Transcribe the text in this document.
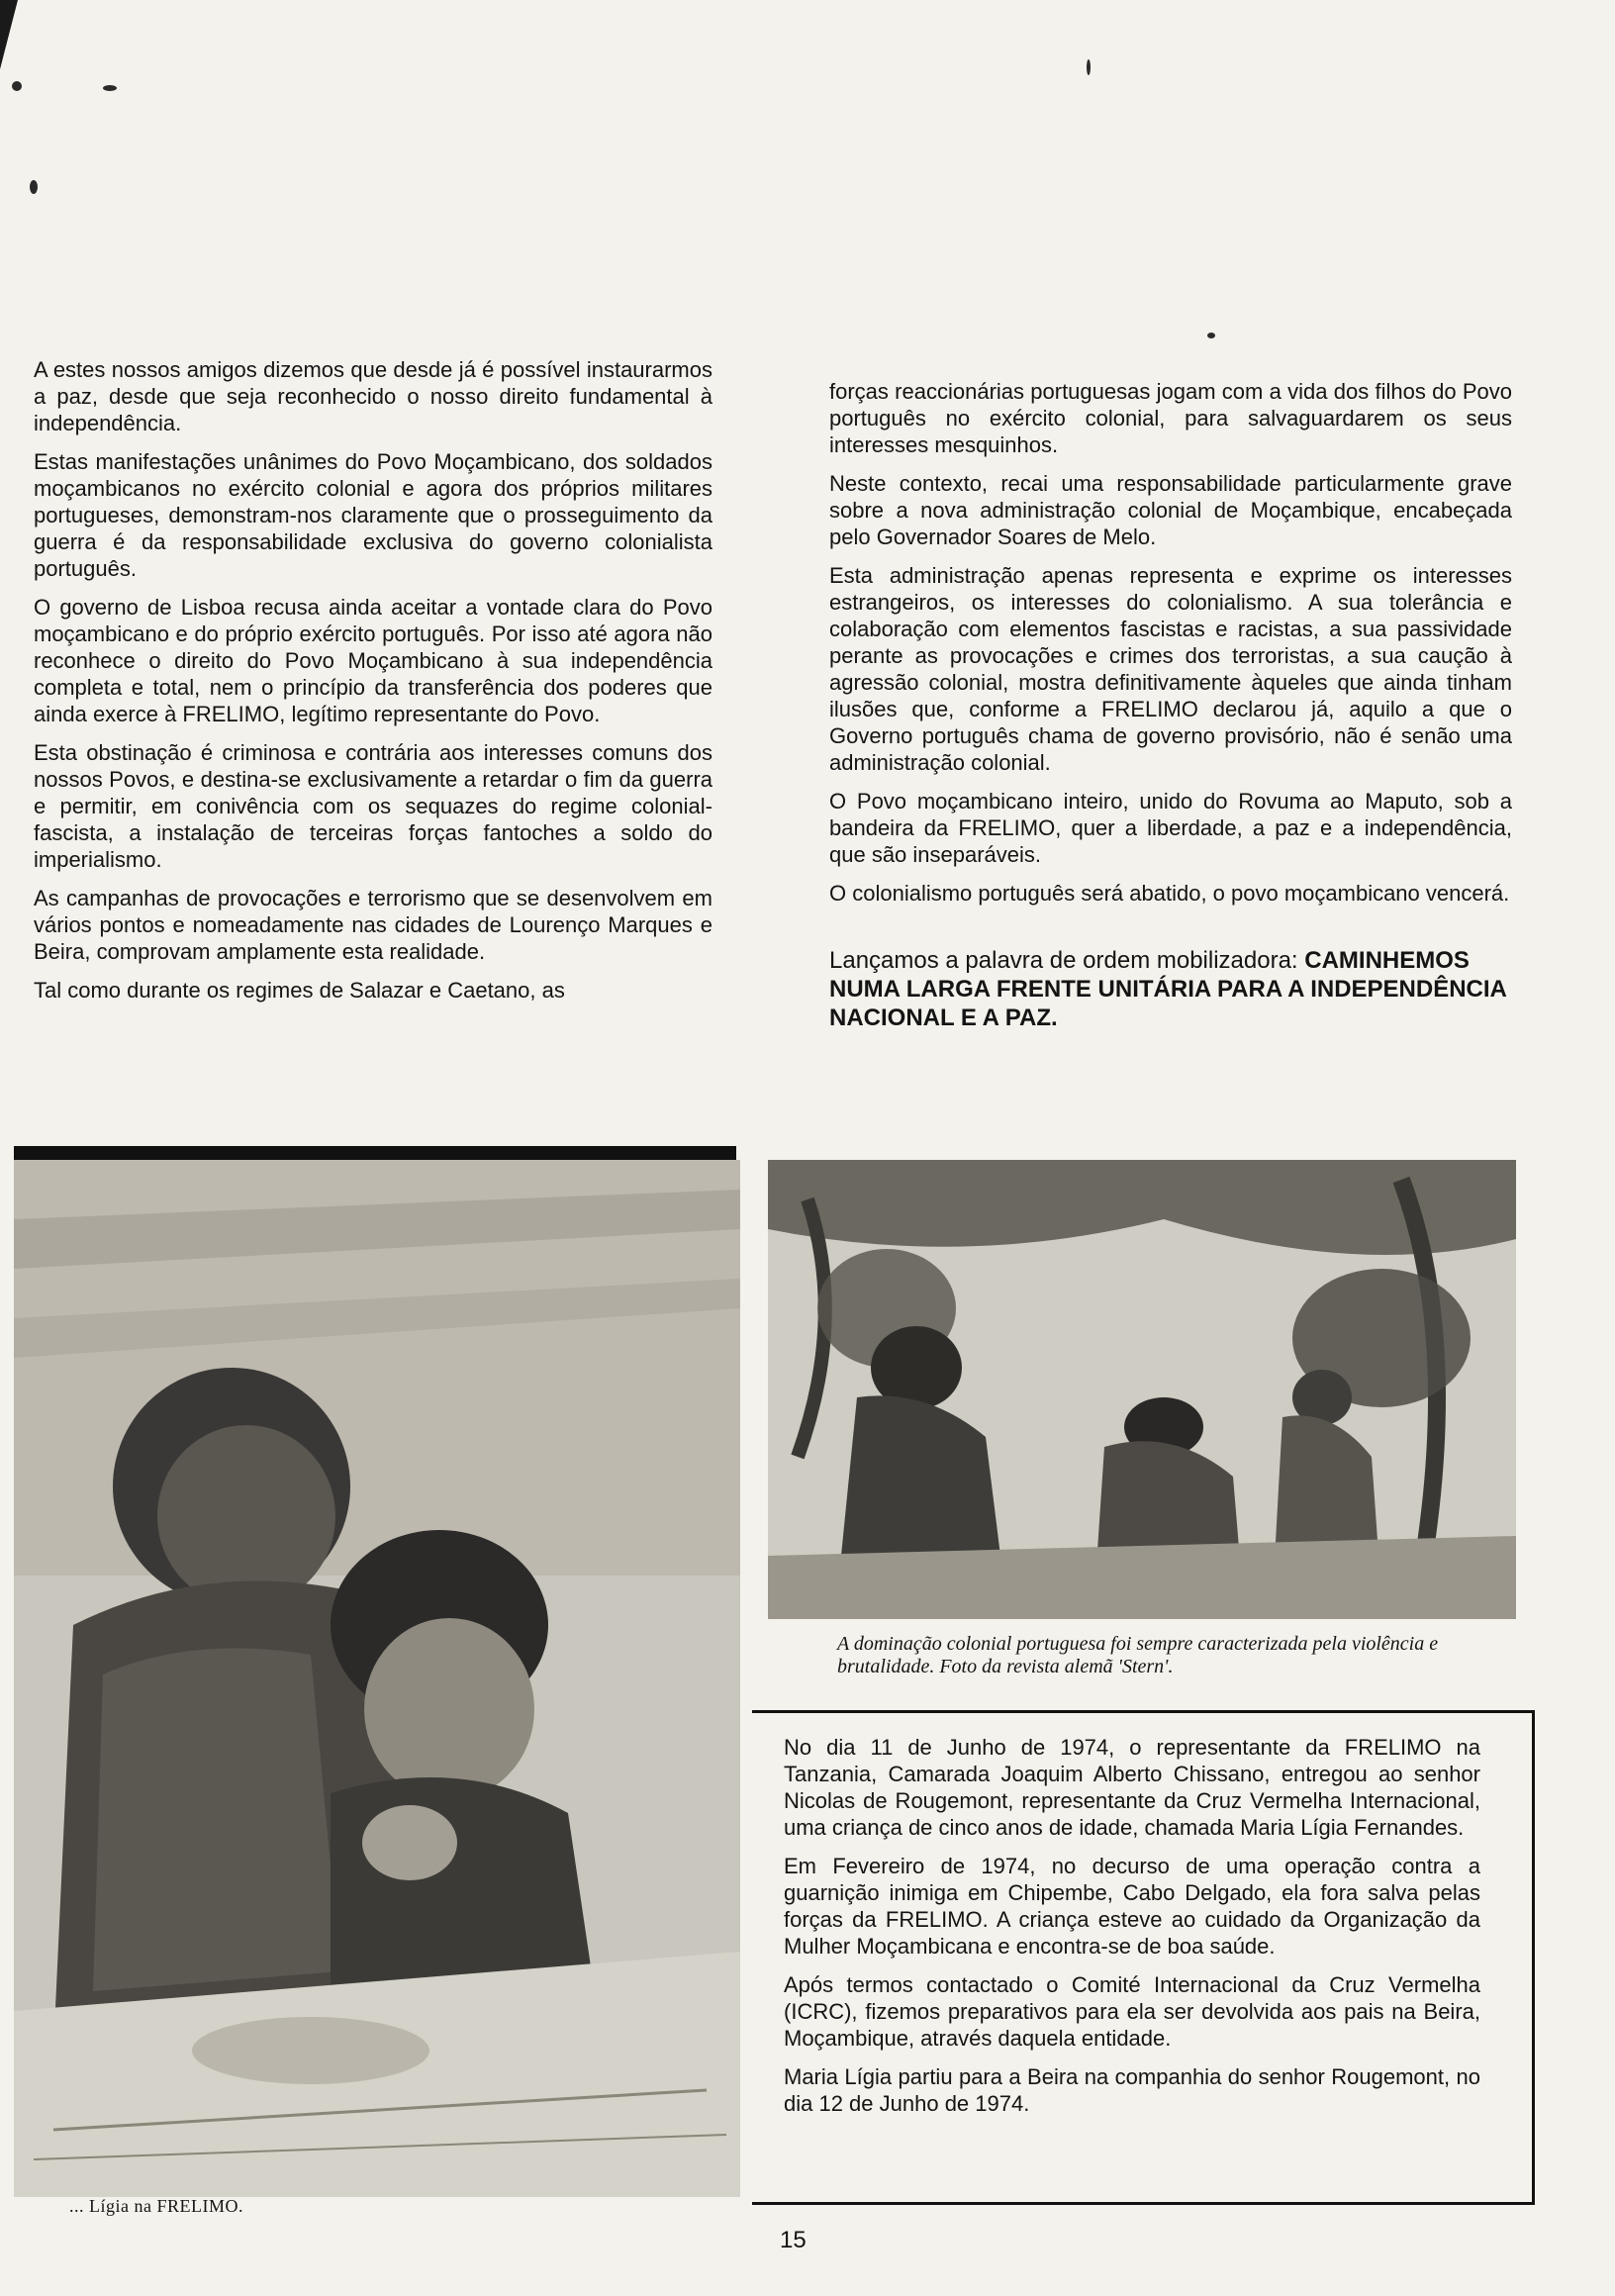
A estes nossos amigos dizemos que desde já é possível instaurarmos a paz, desde que seja reconhecido o nosso direito fundamental à independência.

Estas manifestações unânimes do Povo Moçambicano, dos soldados moçambicanos no exército colonial e agora dos próprios militares portugueses, demonstram-nos claramente que o prosseguimento da guerra é da responsabilidade exclusiva do governo colonialista português.

O governo de Lisboa recusa ainda aceitar a vontade clara do Povo moçambicano e do próprio exército português. Por isso até agora não reconhece o direito do Povo Moçambicano à sua independência completa e total, nem o princípio da transferência dos poderes que ainda exerce à FRELIMO, legítimo representante do Povo.

Esta obstinação é criminosa e contrária aos interesses comuns dos nossos Povos, e destina-se exclusivamente a retardar o fim da guerra e permitir, em conivência com os sequazes do regime colonial-fascista, a instalação de terceiras forças fantoches a soldo do imperialismo.

As campanhas de provocações e terrorismo que se desenvolvem em vários pontos e nomeadamente nas cidades de Lourenço Marques e Beira, comprovam amplamente esta realidade.

Tal como durante os regimes de Salazar e Caetano, as

forças reaccionárias portuguesas jogam com a vida dos filhos do Povo português no exército colonial, para salvaguardarem os seus interesses mesquinhos.

Neste contexto, recai uma responsabilidade particularmente grave sobre a nova administração colonial de Moçambique, encabeçada pelo Governador Soares de Melo.

Esta administração apenas representa e exprime os interesses estrangeiros, os interesses do colonialismo. A sua tolerância e colaboração com elementos fascistas e racistas, a sua passividade perante as provocações e crimes dos terroristas, a sua caução à agressão colonial, mostra definitivamente àqueles que ainda tinham ilusões que, conforme a FRELIMO declarou já, aquilo a que o Governo português chama de governo provisório, não é senão uma administração colonial.

O Povo moçambicano inteiro, unido do Rovuma ao Maputo, sob a bandeira da FRELIMO, quer a liberdade, a paz e a independência, que são inseparáveis.

O colonialismo português será abatido, o povo moçambicano vencerá.

Lançamos a palavra de ordem mobilizadora: CAMINHEMOS NUMA LARGA FRENTE UNITÁRIA PARA A INDEPENDÊNCIA NACIONAL E A PAZ.

... Lígia na FRELIMO.
A dominação colonial portuguesa foi sempre caracterizada pela violência e brutalidade. Foto da revista alemã 'Stern'.

No dia 11 de Junho de 1974, o representante da FRELIMO na Tanzania, Camarada Joaquim Alberto Chissano, entregou ao senhor Nicolas de Rougemont, representante da Cruz Vermelha Internacional, uma criança de cinco anos de idade, chamada Maria Lígia Fernandes.

Em Fevereiro de 1974, no decurso de uma operação contra a guarnição inimiga em Chipembe, Cabo Delgado, ela fora salva pelas forças da FRELIMO. A criança esteve ao cuidado da Organização da Mulher Moçambicana e encontra-se de boa saúde.

Após termos contactado o Comité Internacional da Cruz Vermelha (ICRC), fizemos preparativos para ela ser devolvida aos pais na Beira, Moçambique, através daquela entidade.

Maria Lígia partiu para a Beira na companhia do senhor Rougemont, no dia 12 de Junho de 1974.

15
